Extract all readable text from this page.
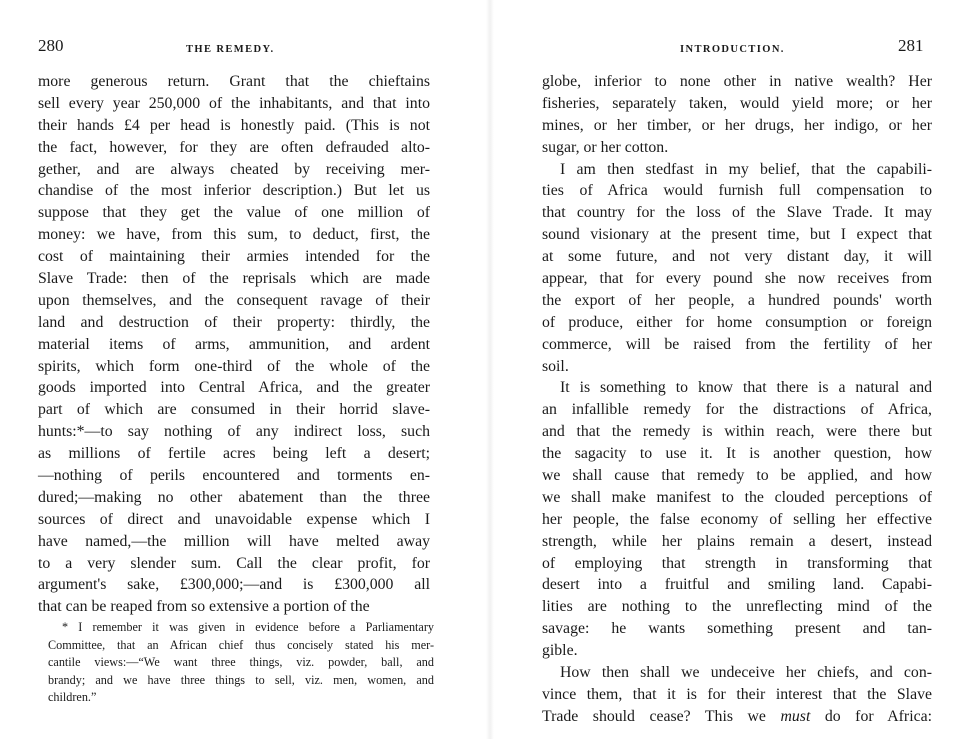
280	THE REMEDY.
more generous return. Grant that the chieftains
sell every year 250,000 of the inhabitants, and that into
their hands £4 per head is honestly paid. (This is not
the fact, however, for they are often defrauded alto-
gether, and are always cheated by receiving mer-
chandise of the most inferior description.) But let us
suppose that they get the value of one million of
money: we have, from this sum, to deduct, first, the
cost of maintaining their armies intended for the
Slave Trade: then of the reprisals which are made
upon themselves, and the consequent ravage of their
land and destruction of their property: thirdly, the
material items of arms, ammunition, and ardent
spirits, which form one-third of the whole of the
goods imported into Central Africa, and the greater
part of which are consumed in their horrid slave-
hunts:*—to say nothing of any indirect loss, such
as millions of fertile acres being left a desert;
—nothing of perils encountered and torments en-
dured;—making no other abatement than the three
sources of direct and unavoidable expense which I
have named,—the million will have melted away
to a very slender sum. Call the clear profit, for
argument's sake, £300,000;—and is £300,000 all
that can be reaped from so extensive a portion of the
* I remember it was given in evidence before a Parliamentary
Committee, that an African chief thus concisely stated his mer-
cantile views:—“We want three things, viz. powder, ball, and
brandy; and we have three things to sell, viz. men, women, and
children.”
INTRODUCTION.	281
globe, inferior to none other in native wealth? Her
fisheries, separately taken, would yield more; or her
mines, or her timber, or her drugs, her indigo, or her
sugar, or her cotton.
I am then stedfast in my belief, that the capabili-
ties of Africa would furnish full compensation to
that country for the loss of the Slave Trade. It may
sound visionary at the present time, but I expect that
at some future, and not very distant day, it will
appear, that for every pound she now receives from
the export of her people, a hundred pounds' worth
of produce, either for home consumption or foreign
commerce, will be raised from the fertility of her
soil.
It is something to know that there is a natural and
an infallible remedy for the distractions of Africa,
and that the remedy is within reach, were there but
the sagacity to use it. It is another question, how
we shall cause that remedy to be applied, and how
we shall make manifest to the clouded perceptions of
her people, the false economy of selling her effective
strength, while her plains remain a desert, instead
of employing that strength in transforming that
desert into a fruitful and smiling land. Capabi-
lities are nothing to the unreflecting mind of the
savage: he wants something present and tan-
gible.
How then shall we undeceive her chiefs, and con-
vince them, that it is for their interest that the Slave
Trade should cease? This we must do for Africa:
